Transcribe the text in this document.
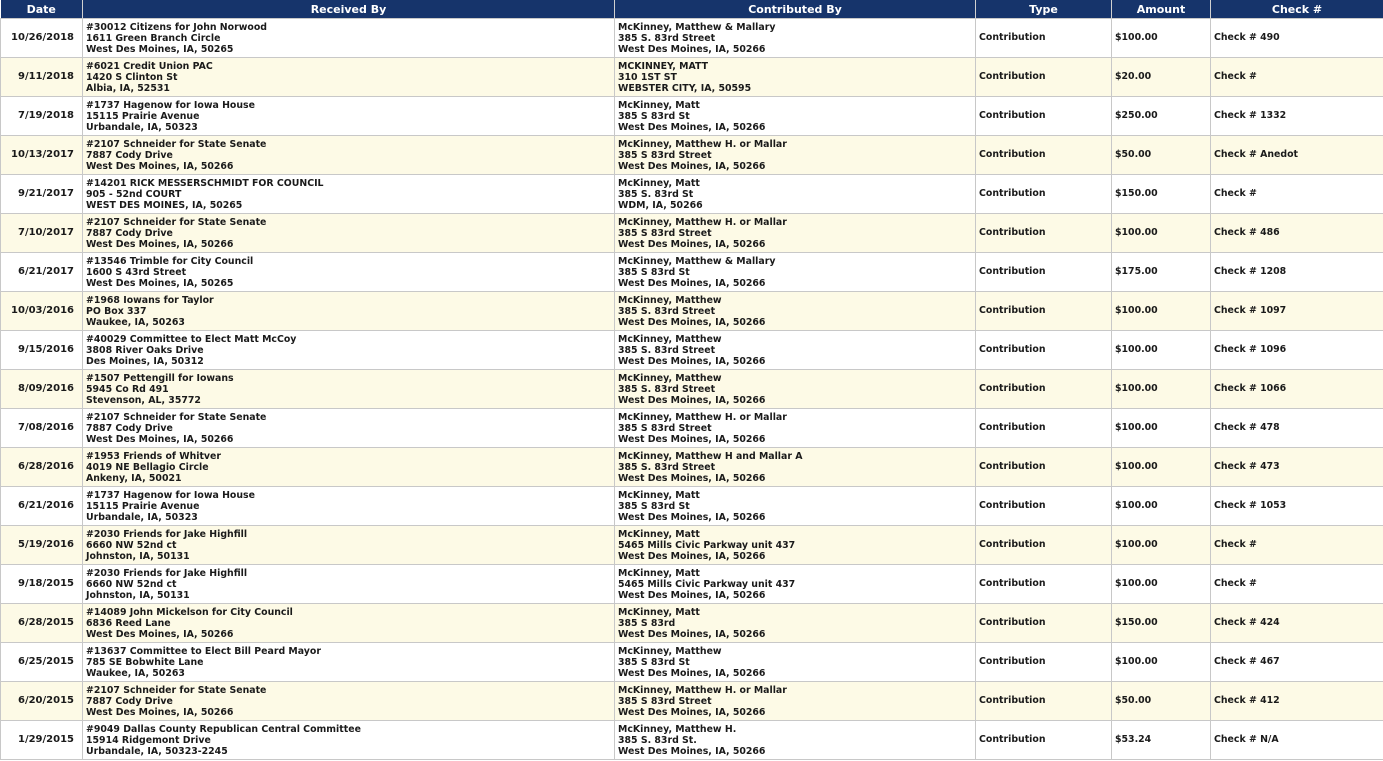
Date	Received By	Contributed By	Type	Amount	Check #
10/26/2018	#30012 Citizens for John Norwood
1611 Green Branch Circle
West Des Moines, IA, 50265	McKinney, Matthew & Mallary
385 S. 83rd Street
West Des Moines, IA, 50266	Contribution	$100.00	Check # 490
9/11/2018	#6021 Credit Union PAC
1420 S Clinton St
Albia, IA, 52531	MCKINNEY, MATT
310 1ST ST
WEBSTER CITY, IA, 50595	Contribution	$20.00	Check #
7/19/2018	#1737 Hagenow for Iowa House
15115 Prairie Avenue
Urbandale, IA, 50323	McKinney, Matt
385 S 83rd St
West Des Moines, IA, 50266	Contribution	$250.00	Check # 1332
10/13/2017	#2107 Schneider for State Senate
7887 Cody Drive
West Des Moines, IA, 50266	McKinney, Matthew H. or Mallar
385 S 83rd Street
West Des Moines, IA, 50266	Contribution	$50.00	Check # Anedot
9/21/2017	#14201 RICK MESSERSCHMIDT FOR COUNCIL
905 - 52nd COURT
WEST DES MOINES, IA, 50265	McKinney, Matt
385 S. 83rd St
WDM, IA, 50266	Contribution	$150.00	Check #
7/10/2017	#2107 Schneider for State Senate
7887 Cody Drive
West Des Moines, IA, 50266	McKinney, Matthew H. or Mallar
385 S 83rd Street
West Des Moines, IA, 50266	Contribution	$100.00	Check # 486
6/21/2017	#13546 Trimble for City Council
1600 S 43rd Street
West Des Moines, IA, 50265	McKinney, Matthew & Mallary
385 S 83rd St
West Des Moines, IA, 50266	Contribution	$175.00	Check # 1208
10/03/2016	#1968 Iowans for Taylor
PO Box 337
Waukee, IA, 50263	McKinney, Matthew
385 S. 83rd Street
West Des Moines, IA, 50266	Contribution	$100.00	Check # 1097
9/15/2016	#40029 Committee to Elect Matt McCoy
3808 River Oaks Drive
Des Moines, IA, 50312	McKinney, Matthew
385 S. 83rd Street
West Des Moines, IA, 50266	Contribution	$100.00	Check # 1096
8/09/2016	#1507 Pettengill for Iowans
5945 Co Rd 491
Stevenson, AL, 35772	McKinney, Matthew
385 S. 83rd Street
West Des Moines, IA, 50266	Contribution	$100.00	Check # 1066
7/08/2016	#2107 Schneider for State Senate
7887 Cody Drive
West Des Moines, IA, 50266	McKinney, Matthew H. or Mallar
385 S 83rd Street
West Des Moines, IA, 50266	Contribution	$100.00	Check # 478
6/28/2016	#1953 Friends of Whitver
4019 NE Bellagio Circle
Ankeny, IA, 50021	McKinney, Matthew H and Mallar A
385 S. 83rd Street
West Des Moines, IA, 50266	Contribution	$100.00	Check # 473
6/21/2016	#1737 Hagenow for Iowa House
15115 Prairie Avenue
Urbandale, IA, 50323	McKinney, Matt
385 S 83rd St
West Des Moines, IA, 50266	Contribution	$100.00	Check # 1053
5/19/2016	#2030 Friends for Jake Highfill
6660 NW 52nd ct
Johnston, IA, 50131	McKinney, Matt
5465 Mills Civic Parkway unit 437
West Des Moines, IA, 50266	Contribution	$100.00	Check #
9/18/2015	#2030 Friends for Jake Highfill
6660 NW 52nd ct
Johnston, IA, 50131	McKinney, Matt
5465 Mills Civic Parkway unit 437
West Des Moines, IA, 50266	Contribution	$100.00	Check #
6/28/2015	#14089 John Mickelson for City Council
6836 Reed Lane
West Des Moines, IA, 50266	McKinney, Matt
385 S 83rd
West Des Moines, IA, 50266	Contribution	$150.00	Check # 424
6/25/2015	#13637 Committee to Elect Bill Peard Mayor
785 SE Bobwhite Lane
Waukee, IA, 50263	McKinney, Matthew
385 S 83rd St
West Des Moines, IA, 50266	Contribution	$100.00	Check # 467
6/20/2015	#2107 Schneider for State Senate
7887 Cody Drive
West Des Moines, IA, 50266	McKinney, Matthew H. or Mallar
385 S 83rd Street
West Des Moines, IA, 50266	Contribution	$50.00	Check # 412
1/29/2015	#9049 Dallas County Republican Central Committee
15914 Ridgemont Drive
Urbandale, IA, 50323-2245	McKinney, Matthew H.
385 S. 83rd St.
West Des Moines, IA, 50266	Contribution	$53.24	Check # N/A
